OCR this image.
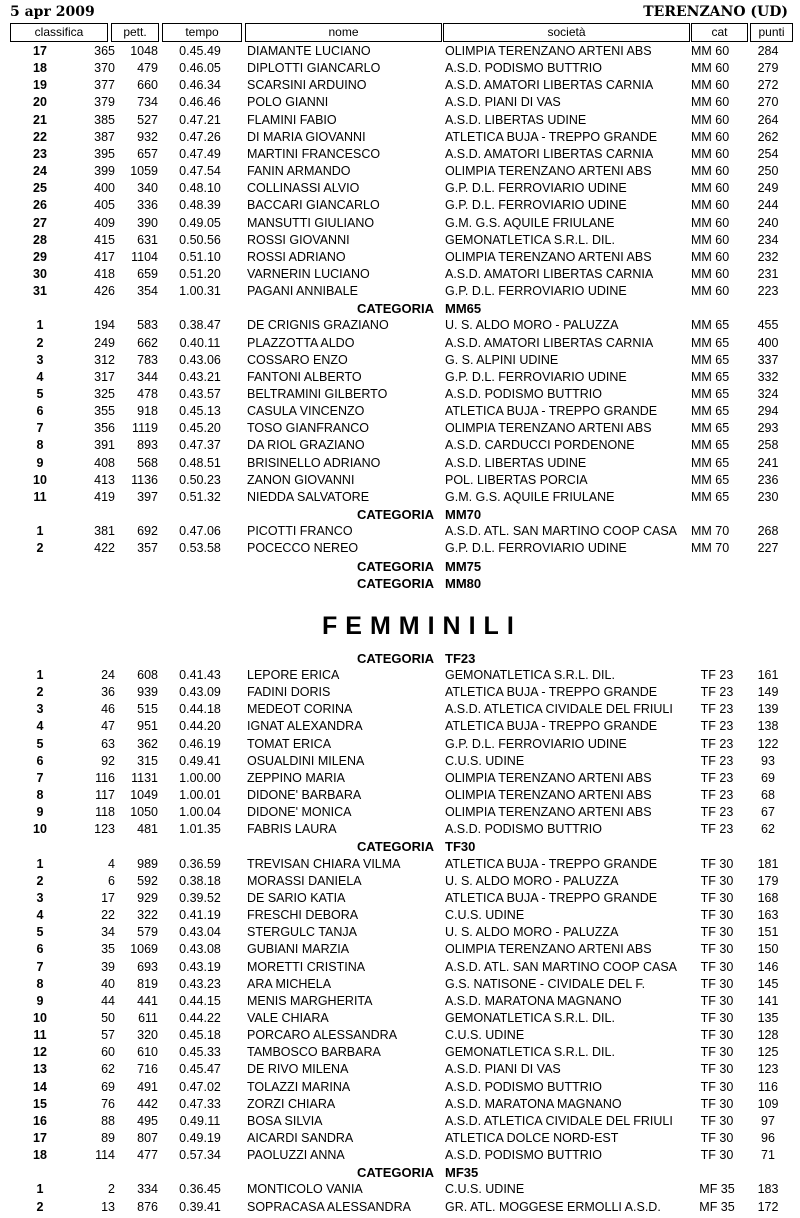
5 apr 2009	TERENZANO (UD)
classifica	pett.	tempo	nome	società	cat	punti
17	365	1048	0.45.49	DIAMANTE LUCIANO	OLIMPIA TERENZANO ARTENI ABS	MM 60	284
18	370	479	0.46.05	DIPLOTTI GIANCARLO	A.S.D. PODISMO BUTTRIO	MM 60	279
19	377	660	0.46.34	SCARSINI ARDUINO	A.S.D. AMATORI LIBERTAS CARNIA	MM 60	272
20	379	734	0.46.46	POLO GIANNI	A.S.D. PIANI DI VAS	MM 60	270
21	385	527	0.47.21	FLAMINI FABIO	A.S.D. LIBERTAS UDINE	MM 60	264
22	387	932	0.47.26	DI MARIA GIOVANNI	ATLETICA BUJA - TREPPO GRANDE	MM 60	262
23	395	657	0.47.49	MARTINI FRANCESCO	A.S.D. AMATORI LIBERTAS CARNIA	MM 60	254
24	399	1059	0.47.54	FANIN ARMANDO	OLIMPIA TERENZANO ARTENI ABS	MM 60	250
25	400	340	0.48.10	COLLINASSI ALVIO	G.P. D.L. FERROVIARIO UDINE	MM 60	249
26	405	336	0.48.39	BACCARI GIANCARLO	G.P. D.L. FERROVIARIO UDINE	MM 60	244
27	409	390	0.49.05	MANSUTTI GIULIANO	G.M. G.S. AQUILE FRIULANE	MM 60	240
28	415	631	0.50.56	ROSSI GIOVANNI	GEMONATLETICA S.R.L. DIL.	MM 60	234
29	417	1104	0.51.10	ROSSI ADRIANO	OLIMPIA TERENZANO ARTENI ABS	MM 60	232
30	418	659	0.51.20	VARNERIN LUCIANO	A.S.D. AMATORI LIBERTAS CARNIA	MM 60	231
31	426	354	1.00.31	PAGANI ANNIBALE	G.P. D.L. FERROVIARIO UDINE	MM 60	223
CATEGORIA MM65
1	194	583	0.38.47	DE CRIGNIS GRAZIANO	U. S. ALDO MORO - PALUZZA	MM 65	455
2	249	662	0.40.11	PLAZZOTTA ALDO	A.S.D. AMATORI LIBERTAS CARNIA	MM 65	400
3	312	783	0.43.06	COSSARO ENZO	G. S. ALPINI UDINE	MM 65	337
4	317	344	0.43.21	FANTONI ALBERTO	G.P. D.L. FERROVIARIO UDINE	MM 65	332
5	325	478	0.43.57	BELTRAMINI GILBERTO	A.S.D. PODISMO BUTTRIO	MM 65	324
6	355	918	0.45.13	CASULA VINCENZO	ATLETICA BUJA - TREPPO GRANDE	MM 65	294
7	356	1119	0.45.20	TOSO GIANFRANCO	OLIMPIA TERENZANO ARTENI ABS	MM 65	293
8	391	893	0.47.37	DA RIOL GRAZIANO	A.S.D. CARDUCCI PORDENONE	MM 65	258
9	408	568	0.48.51	BRISINELLO ADRIANO	A.S.D. LIBERTAS UDINE	MM 65	241
10	413	1136	0.50.23	ZANON GIOVANNI	POL. LIBERTAS PORCIA	MM 65	236
11	419	397	0.51.32	NIEDDA SALVATORE	G.M. G.S. AQUILE FRIULANE	MM 65	230
CATEGORIA MM70
1	381	692	0.47.06	PICOTTI FRANCO	A.S.D. ATL. SAN MARTINO COOP CASA	MM 70	268
2	422	357	0.53.58	POCECCO NEREO	G.P. D.L. FERROVIARIO UDINE	MM 70	227
CATEGORIA MM75
CATEGORIA MM80
FEMMINILI
CATEGORIA TF23
1	24	608	0.41.43	LEPORE ERICA	GEMONATLETICA S.R.L. DIL.	TF 23	161
2	36	939	0.43.09	FADINI DORIS	ATLETICA BUJA - TREPPO GRANDE	TF 23	149
3	46	515	0.44.18	MEDEOT CORINA	A.S.D. ATLETICA CIVIDALE DEL FRIULI	TF 23	139
4	47	951	0.44.20	IGNAT ALEXANDRA	ATLETICA BUJA - TREPPO GRANDE	TF 23	138
5	63	362	0.46.19	TOMAT ERICA	G.P. D.L. FERROVIARIO UDINE	TF 23	122
6	92	315	0.49.41	OSUALDINI MILENA	C.U.S. UDINE	TF 23	93
7	116	1131	1.00.00	ZEPPINO MARIA	OLIMPIA TERENZANO ARTENI ABS	TF 23	69
8	117	1049	1.00.01	DIDONE' BARBARA	OLIMPIA TERENZANO ARTENI ABS	TF 23	68
9	118	1050	1.00.04	DIDONE' MONICA	OLIMPIA TERENZANO ARTENI ABS	TF 23	67
10	123	481	1.01.35	FABRIS LAURA	A.S.D. PODISMO BUTTRIO	TF 23	62
CATEGORIA TF30
1	4	989	0.36.59	TREVISAN CHIARA VILMA	ATLETICA BUJA - TREPPO GRANDE	TF 30	181
2	6	592	0.38.18	MORASSI DANIELA	U. S. ALDO MORO - PALUZZA	TF 30	179
3	17	929	0.39.52	DE SARIO KATIA	ATLETICA BUJA - TREPPO GRANDE	TF 30	168
4	22	322	0.41.19	FRESCHI DEBORA	C.U.S. UDINE	TF 30	163
5	34	579	0.43.04	STERGULC TANJA	U. S. ALDO MORO - PALUZZA	TF 30	151
6	35	1069	0.43.08	GUBIANI MARZIA	OLIMPIA TERENZANO ARTENI ABS	TF 30	150
7	39	693	0.43.19	MORETTI CRISTINA	A.S.D. ATL. SAN MARTINO COOP CASA	TF 30	146
8	40	819	0.43.23	ARA MICHELA	G.S. NATISONE - CIVIDALE DEL F.	TF 30	145
9	44	441	0.44.15	MENIS MARGHERITA	A.S.D. MARATONA MAGNANO	TF 30	141
10	50	611	0.44.22	VALE CHIARA	GEMONATLETICA S.R.L. DIL.	TF 30	135
11	57	320	0.45.18	PORCARO ALESSANDRA	C.U.S. UDINE	TF 30	128
12	60	610	0.45.33	TAMBOSCO BARBARA	GEMONATLETICA S.R.L. DIL.	TF 30	125
13	62	716	0.45.47	DE RIVO MILENA	A.S.D. PIANI DI VAS	TF 30	123
14	69	491	0.47.02	TOLAZZI MARINA	A.S.D. PODISMO BUTTRIO	TF 30	116
15	76	442	0.47.33	ZORZI CHIARA	A.S.D. MARATONA MAGNANO	TF 30	109
16	88	495	0.49.11	BOSA SILVIA	A.S.D. ATLETICA CIVIDALE DEL FRIULI	TF 30	97
17	89	807	0.49.19	AICARDI SANDRA	ATLETICA DOLCE NORD-EST	TF 30	96
18	114	477	0.57.34	PAOLUZZI ANNA	A.S.D. PODISMO BUTTRIO	TF 30	71
CATEGORIA MF35
1	2	334	0.36.45	MONTICOLO VANIA	C.U.S. UDINE	MF 35	183
2	13	876	0.39.41	SOPRACASA ALESSANDRA	GR. ATL. MOGGESE ERMOLLI A.S.D.	MF 35	172
